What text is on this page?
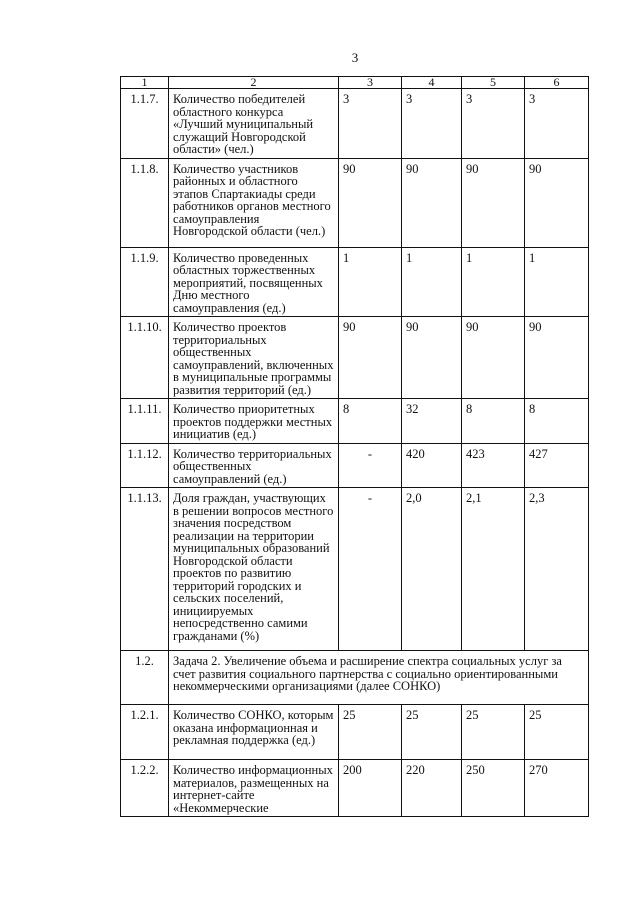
3
1	2	3	4	5	6
1.1.7.	Количество победителей областного конкурса «Лучший муниципальный служащий Новгородской области» (чел.)	3	3	3	3
1.1.8.	Количество участников районных и областного этапов Спартакиады среди работников органов местного самоуправления Новгородской области (чел.)	90	90	90	90
1.1.9.	Количество проведенных областных торжественных мероприятий, посвященных Дню местного самоуправления (ед.)	1	1	1	1
1.1.10.	Количество проектов территориальных общественных самоуправлений, включенных в муниципальные программы развития территорий (ед.)	90	90	90	90
1.1.11.	Количество приоритетных проектов поддержки местных инициатив (ед.)	8	32	8	8
1.1.12.	Количество территориальных общественных самоуправлений (ед.)	-	420	423	427
1.1.13.	Доля граждан, участвующих в решении вопросов местного значения посредством реализации на территории муниципальных образований Новгородской области проектов по развитию территорий городских и сельских поселений, инициируемых непосредственно самими гражданами (%)	-	2,0	2,1	2,3
1.2.	Задача 2. Увеличение объема и расширение спектра социальных услуг за счет развития социального партнерства с социально ориентированными некоммерческими организациями (далее СОНКО)				
1.2.1.	Количество СОНКО, которым оказана информационная и рекламная поддержка (ед.)	25	25	25	25
1.2.2.	Количество информационных материалов, размещенных на интернет-сайте «Некоммерческие	200	220	250	270
